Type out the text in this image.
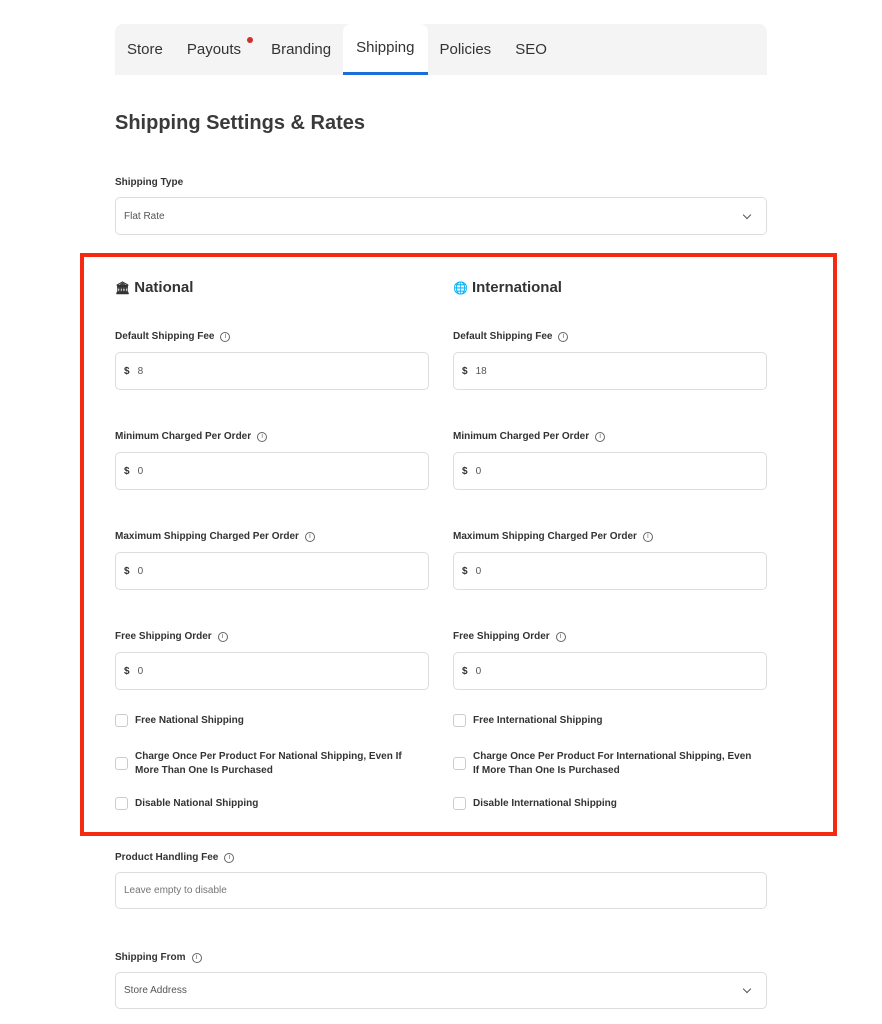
Store	Payouts	Branding	Shipping	Policies	SEO
Shipping Settings & Rates
Shipping Type
Flat Rate
🏛 National
Default Shipping Fee	i
$ 8
Minimum Charged Per Order	i
$ 0
Maximum Shipping Charged Per Order	i
$ 0
Free Shipping Order	i
$ 0
Free National Shipping
Charge Once Per Product For National Shipping, Even If More Than One Is Purchased
Disable National Shipping
🌐 International
Default Shipping Fee	i
$ 18
Minimum Charged Per Order	i
$ 0
Maximum Shipping Charged Per Order	i
$ 0
Free Shipping Order	i
$ 0
Free International Shipping
Charge Once Per Product For International Shipping, Even If More Than One Is Purchased
Disable International Shipping
Product Handling Fee	i
Leave empty to disable
Shipping From	i
Store Address
